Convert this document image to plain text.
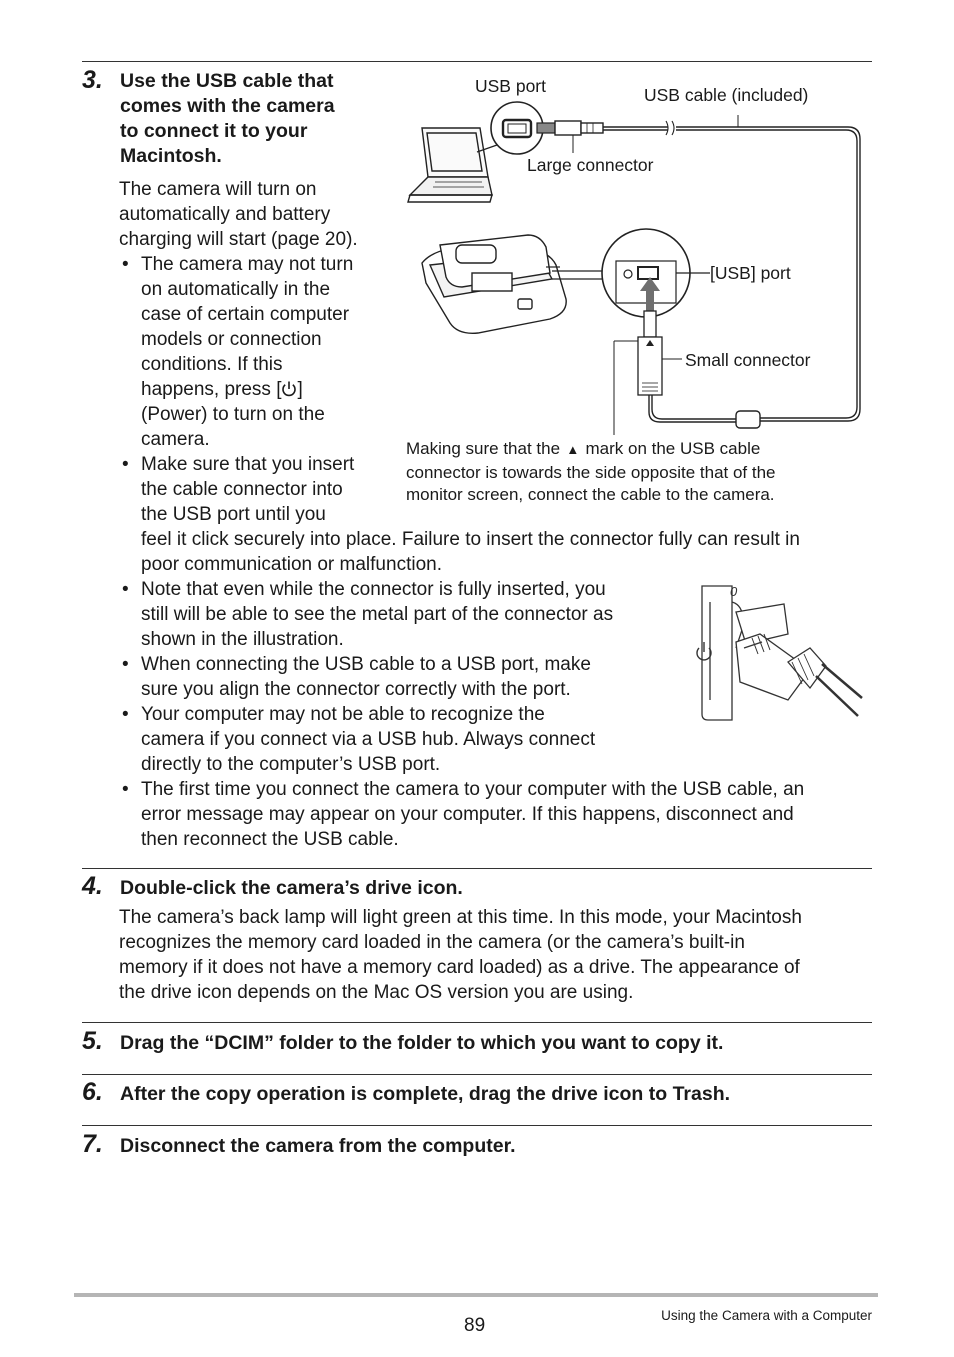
3. Use the USB cable that
comes with the camera
to connect it to your
Macintosh.
The camera will turn on
automatically and battery
charging will start (page 20).
• The camera may not turn
on automatically in the
case of certain computer
models or connection
conditions. If this
happens, press [ ]
(Power) to turn on the
camera.
• Make sure that you insert
the cable connector into
the USB port until you
feel it click securely into place. Failure to insert the connector fully can result in
poor communication or malfunction.
• Note that even while the connector is fully inserted, you
still will be able to see the metal part of the connector as
shown in the illustration.
• When connecting the USB cable to a USB port, make
sure you align the connector correctly with the port.
• Your computer may not be able to recognize the
camera if you connect via a USB hub. Always connect
directly to the computer’s USB port.
• The first time you connect the camera to your computer with the USB cable, an
error message may appear on your computer. If this happens, disconnect and
then reconnect the USB cable.
USB port	USB cable (included)
Large connector
[USB] port
Small connector
Making sure that the ▲ mark on the USB cable
connector is towards the side opposite that of the
monitor screen, connect the cable to the camera.
0
4. Double-click the camera’s drive icon.
The camera’s back lamp will light green at this time. In this mode, your Macintosh
recognizes the memory card loaded in the camera (or the camera’s built-in
memory if it does not have a memory card loaded) as a drive. The appearance of
the drive icon depends on the Mac OS version you are using.
5. Drag the “DCIM” folder to the folder to which you want to copy it.
6. After the copy operation is complete, drag the drive icon to Trash.
7. Disconnect the camera from the computer.
89	Using the Camera with a Computer
